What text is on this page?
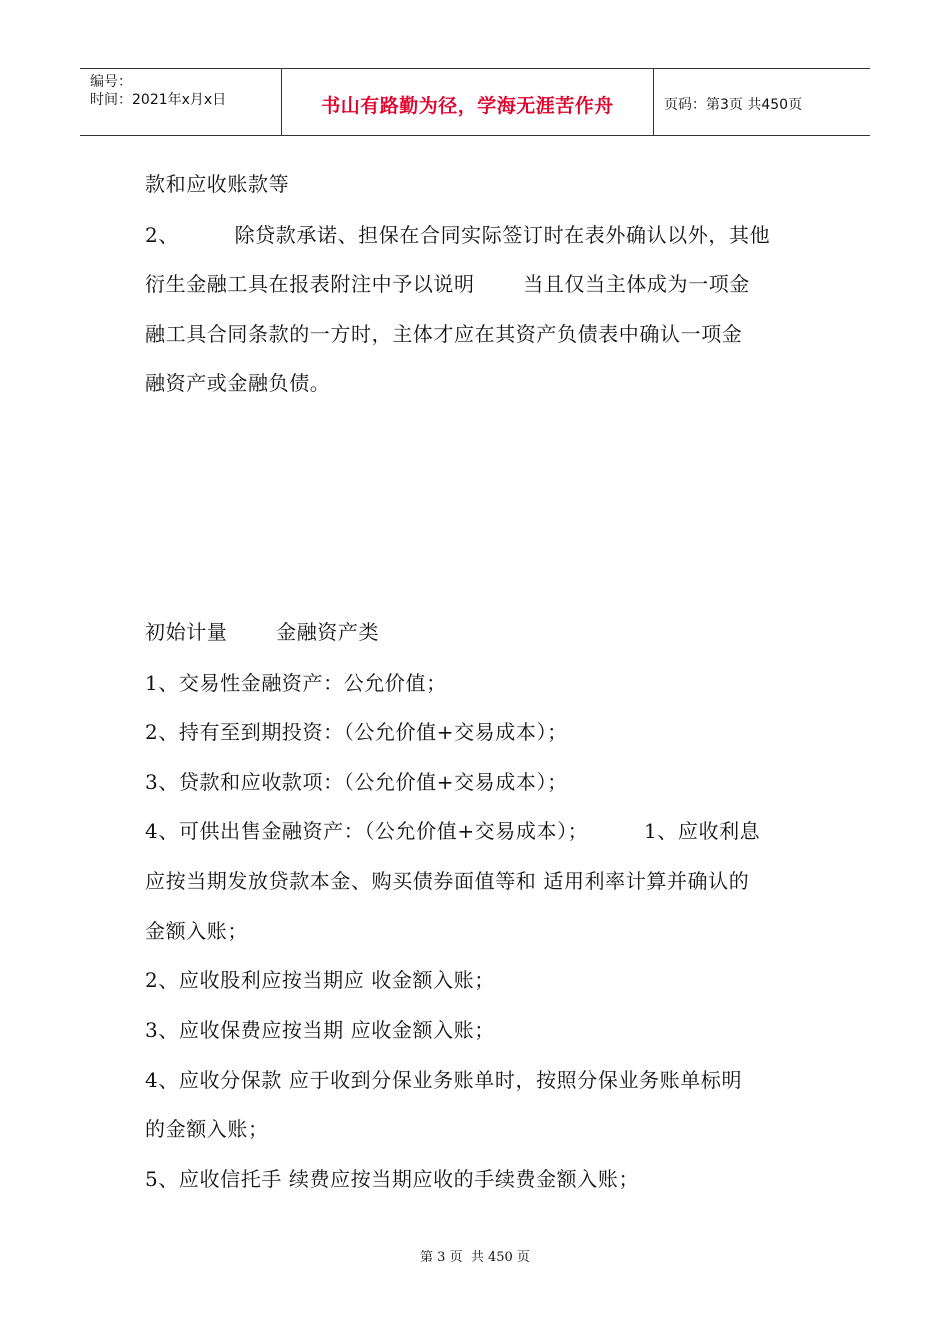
编号：
时间：2021年x月x日	书山有路勤为径，学海无涯苦作舟	页码：第3页 共450页
款和应收账款等
2、        除贷款承诺、担保在合同实际签订时在表外确认以外，其他
衍生金融工具在报表附注中予以说明       当且仅当主体成为一项金
融工具合同条款的一方时，主体才应在其资产负债表中确认一项金
融资产或金融负债。
初始计量       金融资产类
1、交易性金融资产：公允价值；
2、持有至到期投资：（公允价值+交易成本）；
3、贷款和应收款项：（公允价值+交易成本）；
4、可供出售金融资产：（公允价值+交易成本）；        1、应收利息
应按当期发放贷款本金、购买债券面值等和 适用利率计算并确认的
金额入账；
2、应收股利应按当期应 收金额入账；
3、应收保费应按当期 应收金额入账；
4、应收分保款 应于收到分保业务账单时，按照分保业务账单标明
的金额入账；
5、应收信托手 续费应按当期应收的手续费金额入账；
第 3 页  共 450 页
